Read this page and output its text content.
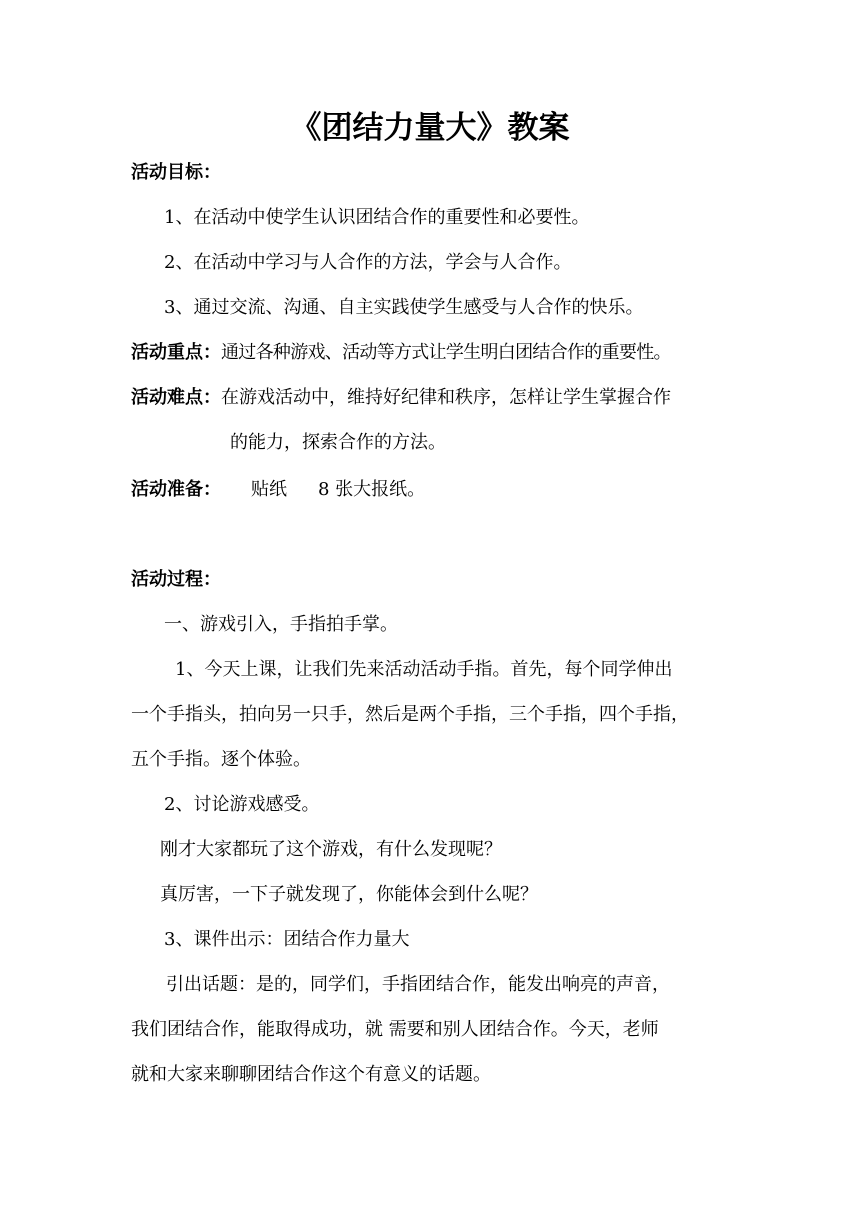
《团结力量大》教案
活动目标：
1、在活动中使学生认识团结合作的重要性和必要性。
2、在活动中学习与人合作的方法，学会与人合作。
3、通过交流、沟通、自主实践使学生感受与人合作的快乐。
活动重点：通过各种游戏、活动等方式让学生明白团结合作的重要性。
活动难点：在游戏活动中，维持好纪律和秩序，怎样让学生掌握合作
的能力，探索合作的方法。
活动准备： 贴纸 8 张大报纸。
活动过程：
一、游戏引入，手指拍手掌。
1、今天上课，让我们先来活动活动手指。首先，每个同学伸出
一个手指头，拍向另一只手，然后是两个手指，三个手指，四个手指，
五个手指。逐个体验。
2、讨论游戏感受。
刚才大家都玩了这个游戏，有什么发现呢？
真厉害，一下子就发现了，你能体会到什么呢？
3、课件出示：团结合作力量大
引出话题：是的，同学们，手指团结合作，能发出响亮的声音，
我们团结合作，能取得成功，就 需要和别人团结合作。今天，老师
就和大家来聊聊团结合作这个有意义的话题。
